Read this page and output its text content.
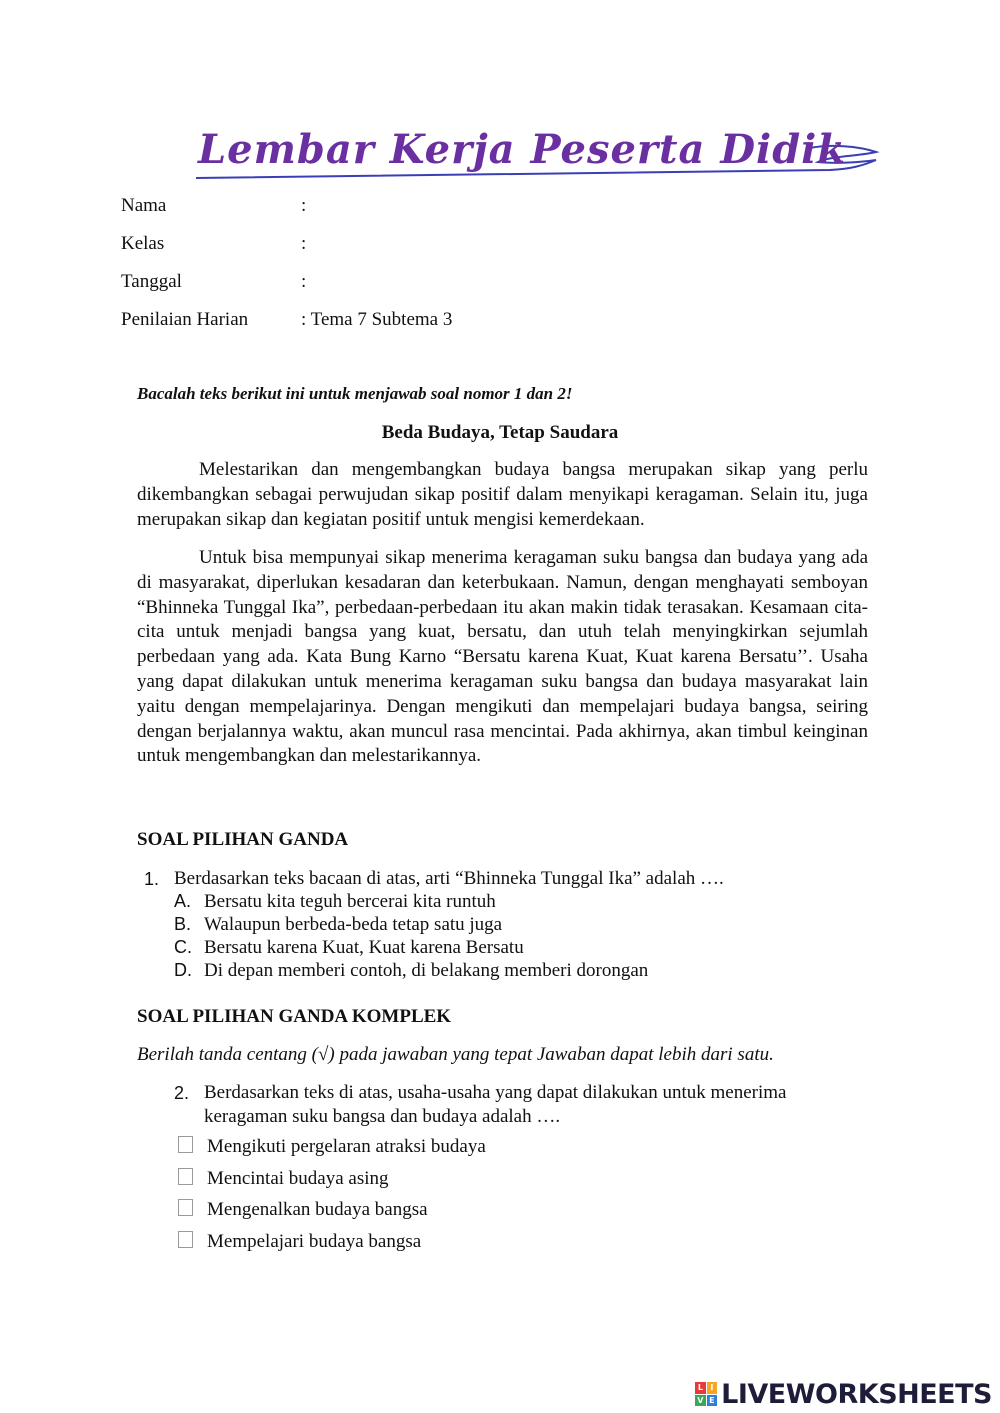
Lembar Kerja Peserta Didik
Nama	:
Kelas	:
Tanggal	:
Penilaian Harian	: Tema 7 Subtema 3
Bacalah teks berikut ini untuk menjawab soal nomor 1 dan 2!
Beda Budaya, Tetap Saudara

Melestarikan dan mengembangkan budaya bangsa merupakan sikap yang perlu dikembangkan sebagai perwujudan sikap positif dalam menyikapi keragaman. Selain itu, juga merupakan sikap dan kegiatan positif untuk mengisi kemerdekaan.

Untuk bisa mempunyai sikap menerima keragaman suku bangsa dan budaya yang ada di masyarakat, diperlukan kesadaran dan keterbukaan. Namun, dengan menghayati semboyan “Bhinneka Tunggal Ika”, perbedaan-perbedaan itu akan makin tidak terasakan. Kesamaan cita-cita untuk menjadi bangsa yang kuat, bersatu, dan utuh telah menyingkirkan sejumlah perbedaan yang ada. Kata Bung Karno “Bersatu karena Kuat, Kuat karena Bersatu’’. Usaha yang dapat dilakukan untuk menerima keragaman suku bangsa dan budaya masyarakat lain yaitu dengan mempelajarinya. Dengan mengikuti dan mempelajari budaya bangsa, seiring dengan berjalannya waktu, akan muncul rasa mencintai. Pada akhirnya, akan timbul keinginan untuk mengembangkan dan melestarikannya.

SOAL PILIHAN GANDA
1. Berdasarkan teks bacaan di atas, arti “Bhinneka Tunggal Ika” adalah ….
A. Bersatu kita teguh bercerai kita runtuh
B. Walaupun berbeda-beda tetap satu juga
C. Bersatu karena Kuat, Kuat karena Bersatu
D. Di depan memberi contoh, di belakang memberi dorongan
SOAL PILIHAN GANDA KOMPLEK
Berilah tanda centang (√) pada jawaban yang tepat Jawaban dapat lebih dari satu.
2. Berdasarkan teks di atas, usaha-usaha yang dapat dilakukan untuk menerima
keragaman suku bangsa dan budaya adalah ….
Mengikuti pergelaran atraksi budaya
Mencintai budaya asing
Mengenalkan budaya bangsa
Mempelajari budaya bangsa
L I
V E LIVEWORKSHEETS
